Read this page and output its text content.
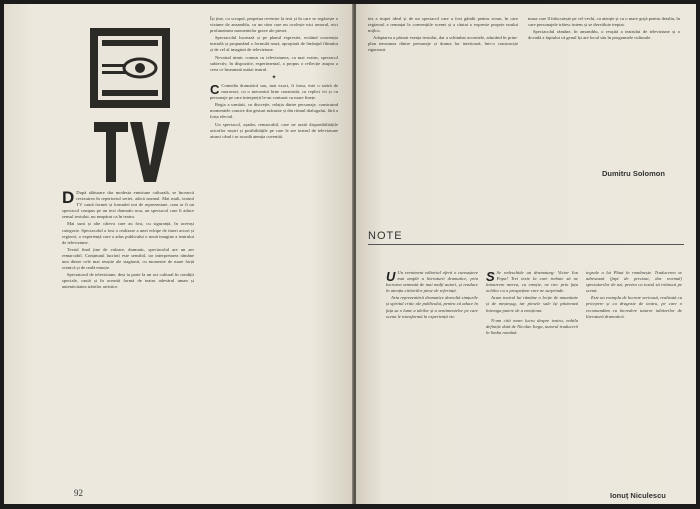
D După alăturare dar modesta emisiune culturală, se încearcă revizuirea în repertoriul seriei, adică normal. Mai mult, teatrul TV caută formei și formulei noi de reprezentare, cum ar fi un spectacol compus pe un text dramatic nou, un spectacol care îi aduce sensul textului, nu neapărat ca în teatru.

Mai sunt și alte câteva care au fost, cu siguranță, în aceeași categorie. Spectacolul a fost o realizare a unei echipe de tineri actori și regizori, o experiență care a adus publicului o nouă imagine a teatrului de televiziune.

Textul final ține de valoare, dramatic, spectacolul are un aer remarcabil. Conținutul lucrării este sensibil, iar interpretarea rămâne una dintre cele mai reușite ale stagiunii, cu momente de mare forță scenică și de reală emoție.

Spectatorul de televiziune, deși ia parte la un act cultural în condiții speciale, caută și în această formă de teatru adevărul uman și autenticitatea trăirilor artistice.

Își ține, cu scrupul, perpetua revenire la text și în care se regăsește o viziune de ansamblu, cu un ritm care nu ocolește nici umorul, nici profunzimea momentelor grave ale piesei.

Spectacolul lucrează și pe planul expresiei, evitând convenția teatrală și propunând o formulă nouă, apropiată de limbajul filmului și de cel al imaginii de televiziune.

Nevoind nimic comun cu televiziunea, ca mai extins, spectacol subiectiv, în dispozitiv, experimental, a propus o reflecție asupra a ceea ce înseamnă astăzi teatrul.

✦
C Comedia dramatică sau, mai exact, fi farsa, este o satiră de moravuri, cu o mecanică bine construită, cu replici vii și cu personaje pe care interpreții le-au conturat cu mare finețe.

Regia a urmărit, cu discreție, relația dintre personaje, construind momentele comice din gesturi mărunte și din ritmul dialogului, fără a forța efectul.

Un spectacol, așadar, remarcabil, care ne arată disponibilitățile actorilor noștri și posibilitățile pe care le are teatrul de televiziune atunci când i se acordă atenția cuvenită.

92

tea a trupei ideal și de un spectacol care a fost gândit pentru ecran, în care regizorul a renunțat la convențiile scenei și a căutat o expresie proprie noului mijloc.

Adaptarea a păstrat esența textului, dar a schimbat accentele, aducând în prim-plan tensiunea dintre personaje și drama lor interioară, într-o construcție riguroasă.

masa care îl înlocuiește pe cel vechi, cu atenție și cu o mare grijă pentru detaliu, în care personajele trăiesc intens și se dezvăluie treptat.

Spectacolul rămâne, în ansamblu, o reușită a teatrului de televiziune și o dovadă a faptului că genul își are locul său în programele culturale.

Dumitru Solomon
NOTE
U Un eveniment editorial oferă o cunoaștere mai amplă a literaturii dramatice, prin lucrarea semnată de mai mulți autori, și readuce în atenția cititorilor piese de referință.

Arta reprezentării dramatice dezvoltă simțurile și spiritul critic ale publicului, pentru că aduce în fața sa o lume a ideilor și a sentimentelor pe care scena le transformă în experiență vie.

S Se redeschide un dramaturg: Victor Ion Popa! Trei texte la care trebuie să ne întoarcem mereu, cu emoție, ne trec prin fața ochilor cu o prospețime care ne surprinde.

Acum teatrul lui rămâne o lecție de umanitate și de meșteșug, iar piesele sale își păstrează întreaga putere de a emoționa.

N-am citit mare lucru despre teatru, nobila definiție dată de Nicolae Iorga, autorul traducerii în limba română.

tegrale a lui Plaut în românește. Traducerea se adresează (fapt de precizat, dar normal) spectatorilor de azi, pentru ca textul să trăiască pe scenă.

Este un exemplu de lucrare serioasă, realizată cu pricepere și cu dragoste de teatru, pe care o recomandăm cu încredere tuturor iubitorilor de literatură dramatică.

Ionuț Niculescu
